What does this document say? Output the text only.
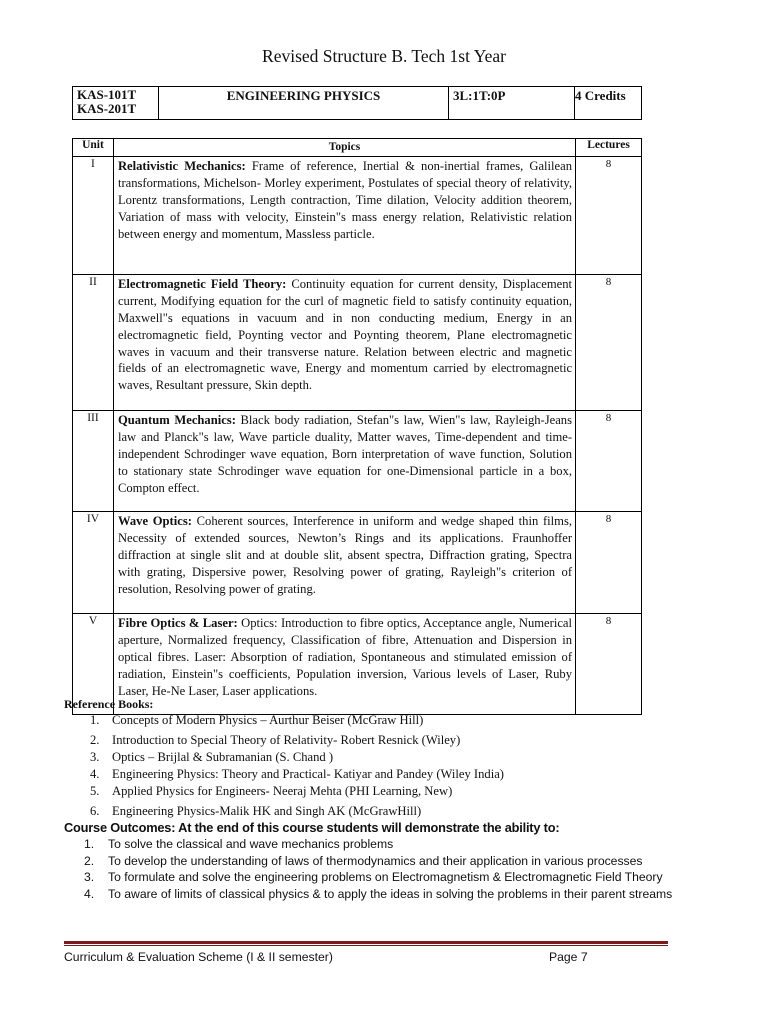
Revised Structure B. Tech 1st Year
KAS-101T
KAS-201T
	ENGINEERING PHYSICS	3L:1T:0P	4 Credits
Unit	Topics	Lectures
I	Relativistic Mechanics: Frame of reference, Inertial & non-inertial frames, Galilean transformations, Michelson- Morley experiment, Postulates of special theory of relativity, Lorentz transformations, Length contraction, Time dilation, Velocity addition theorem, Variation of mass with velocity, Einstein"s mass energy relation, Relativistic relation between energy and momentum, Massless particle.	8
II	Electromagnetic Field Theory: Continuity equation for current density, Displacement current, Modifying equation for the curl of magnetic field to satisfy continuity equation, Maxwell"s equations in vacuum and in non conducting medium, Energy in an electromagnetic field, Poynting vector and Poynting theorem, Plane electromagnetic waves in vacuum and their transverse nature. Relation between electric and magnetic fields of an electromagnetic wave, Energy and momentum carried by electromagnetic waves, Resultant pressure, Skin depth.	8
III	Quantum Mechanics: Black body radiation, Stefan"s law, Wien"s law, Rayleigh-Jeans law and Planck"s law, Wave particle duality, Matter waves, Time-dependent and time-independent Schrodinger wave equation, Born interpretation of wave function, Solution to stationary state Schrodinger wave equation for one-Dimensional particle in a box, Compton effect.	8
IV	Wave Optics: Coherent sources, Interference in uniform and wedge shaped thin films, Necessity of extended sources, Newton’s Rings and its applications. Fraunhoffer diffraction at single slit and at double slit, absent spectra, Diffraction grating, Spectra with grating, Dispersive power, Resolving power of grating, Rayleigh"s criterion of resolution, Resolving power of grating.	8
V	Fibre Optics & Laser: Optics: Introduction to fibre optics, Acceptance angle, Numerical aperture, Normalized frequency, Classification of fibre, Attenuation and Dispersion in optical fibres. Laser: Absorption of radiation, Spontaneous and stimulated emission of radiation, Einstein"s coefficients, Population inversion, Various levels of Laser, Ruby Laser, He-Ne Laser, Laser applications.	8
Reference Books:
1. Concepts of Modern Physics – Aurthur Beiser (McGraw Hill)
2. Introduction to Special Theory of Relativity- Robert Resnick (Wiley)
3. Optics – Brijlal & Subramanian (S. Chand )
4. Engineering Physics: Theory and Practical- Katiyar and Pandey (Wiley India)
5. Applied Physics for Engineers- Neeraj Mehta (PHI Learning, New)
6. Engineering Physics-Malik HK and Singh AK (McGrawHill)
Course Outcomes: At the end of this course students will demonstrate the ability to:
1.	To solve the classical and wave mechanics problems
2.	To develop the understanding of laws of thermodynamics and their application in various processes
3.	To formulate and solve the engineering problems on Electromagnetism & Electromagnetic Field Theory
4.	To aware of limits of classical physics & to apply the ideas in solving the problems in their parent streams
Curriculum & Evaluation Scheme (I & II semester)	Page 7
